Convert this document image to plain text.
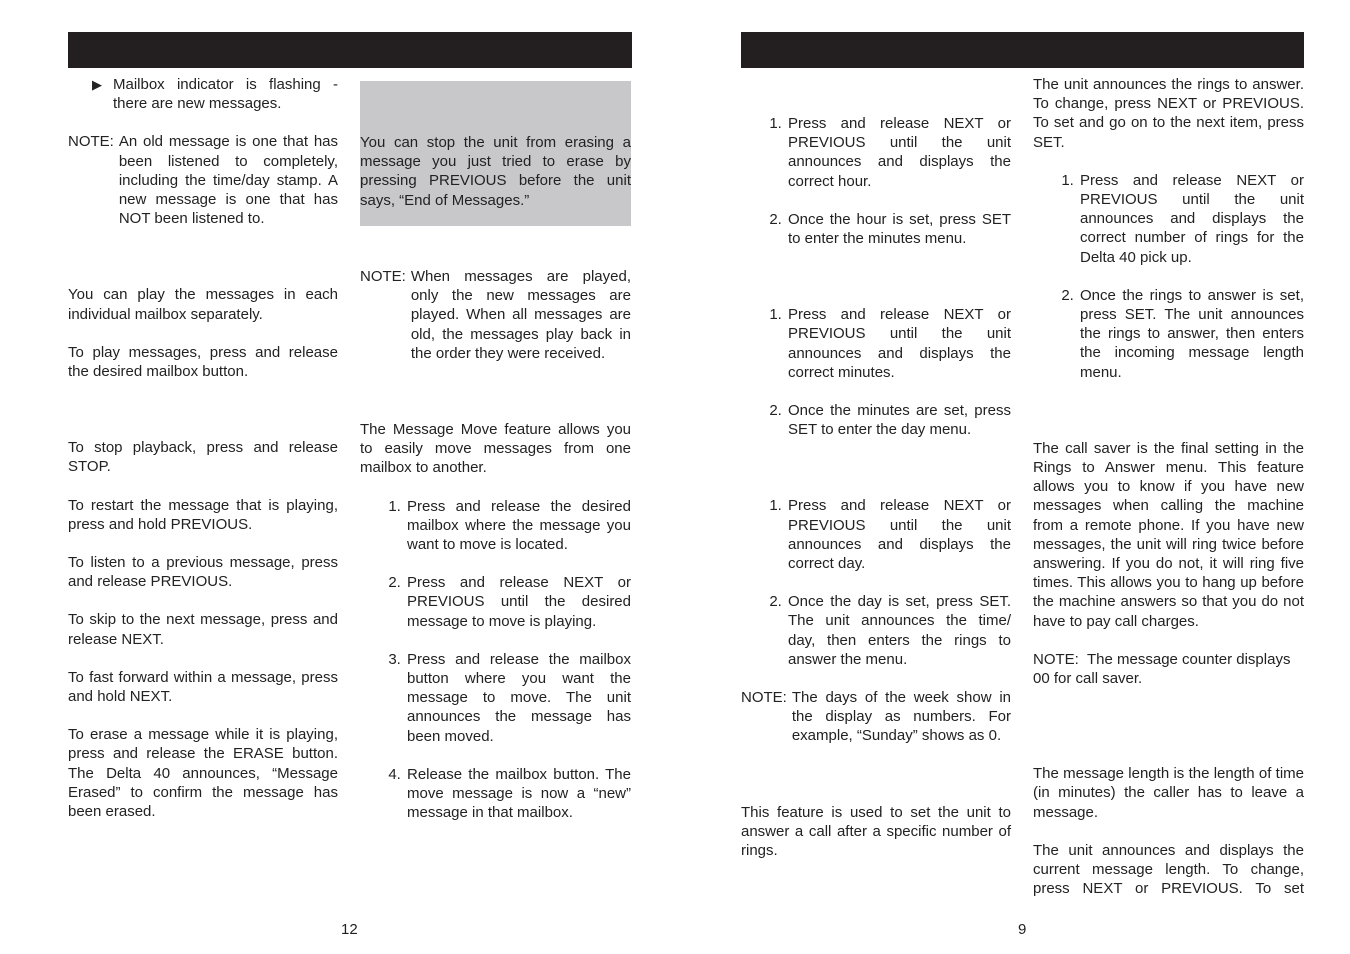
▶ Mailbox indicator is flashing - there are new messages.
NOTE: An old message is one that has been listened to completely, including the time/day stamp. A new message is one that has NOT been listened to.

You can play the messages in each individual mailbox separately.

To play messages, press and release the desired mailbox button.

To stop playback, press and release STOP.

To restart the message that is playing, press and hold PREVIOUS.

To listen to a previous message, press and release PREVIOUS.

To skip to the next message, press and release NEXT.

To fast forward within a message, press and hold NEXT.

To erase a message while it is playing, press and release the ERASE button. The Delta 40 announces, “Message Erased” to confirm the message has been erased.

You can stop the unit from erasing a message you just tried to erase by pressing PREVIOUS before the unit says, “End of Messages.”

NOTE: When messages are played, only the new messages are played. When all messages are old, the messages play back in the order they were received.

The Message Move feature allows you to easily move messages from one mailbox to another.

1. Press and release the desired mailbox where the message you want to move is located.
2. Press and release NEXT or PREVIOUS until the desired message to move is playing.
3. Press and release the mailbox button where you want the message to move. The unit announces the message has been moved.
4. Release the mailbox button. The move message is now a “new” message in that mailbox.
12
1. Press and release NEXT or PREVIOUS until the unit announces and displays the correct hour.
2. Once the hour is set, press SET to enter the minutes menu.
1. Press and release NEXT or PREVIOUS until the unit announces and displays the correct minutes.
2. Once the minutes are set, press SET to enter the day menu.
1. Press and release NEXT or PREVIOUS until the unit announces and displays the correct day.
2. Once the day is set, press SET. The unit announces the time/ day, then enters the rings to answer the menu.
NOTE: The days of the week show in the display as numbers. For example, “Sunday” shows as 0.

This feature is used to set the unit to answer a call after a specific number of rings.

The unit announces the rings to answer. To change, press NEXT or PREVIOUS. To set and go on to the next item, press SET.

1. Press and release NEXT or PREVIOUS until the unit announces and displays the correct number of rings for the Delta 40 pick up.
2. Once the rings to answer is set, press SET. The unit announces the rings to answer, then enters the incoming message length menu.

The call saver is the final setting in the Rings to Answer menu. This feature allows you to know if you have new messages when calling the machine from a remote phone. If you have new messages, the unit will ring twice before answering. If you do not, it will ring five times. This allows you to hang up before the machine answers so that you do not have to pay call charges.

NOTE: The message counter displays 00 for call saver.

The message length is the length of time (in minutes) the caller has to leave a message.

The unit announces and displays the current message length. To change, press NEXT or PREVIOUS. To set

9
